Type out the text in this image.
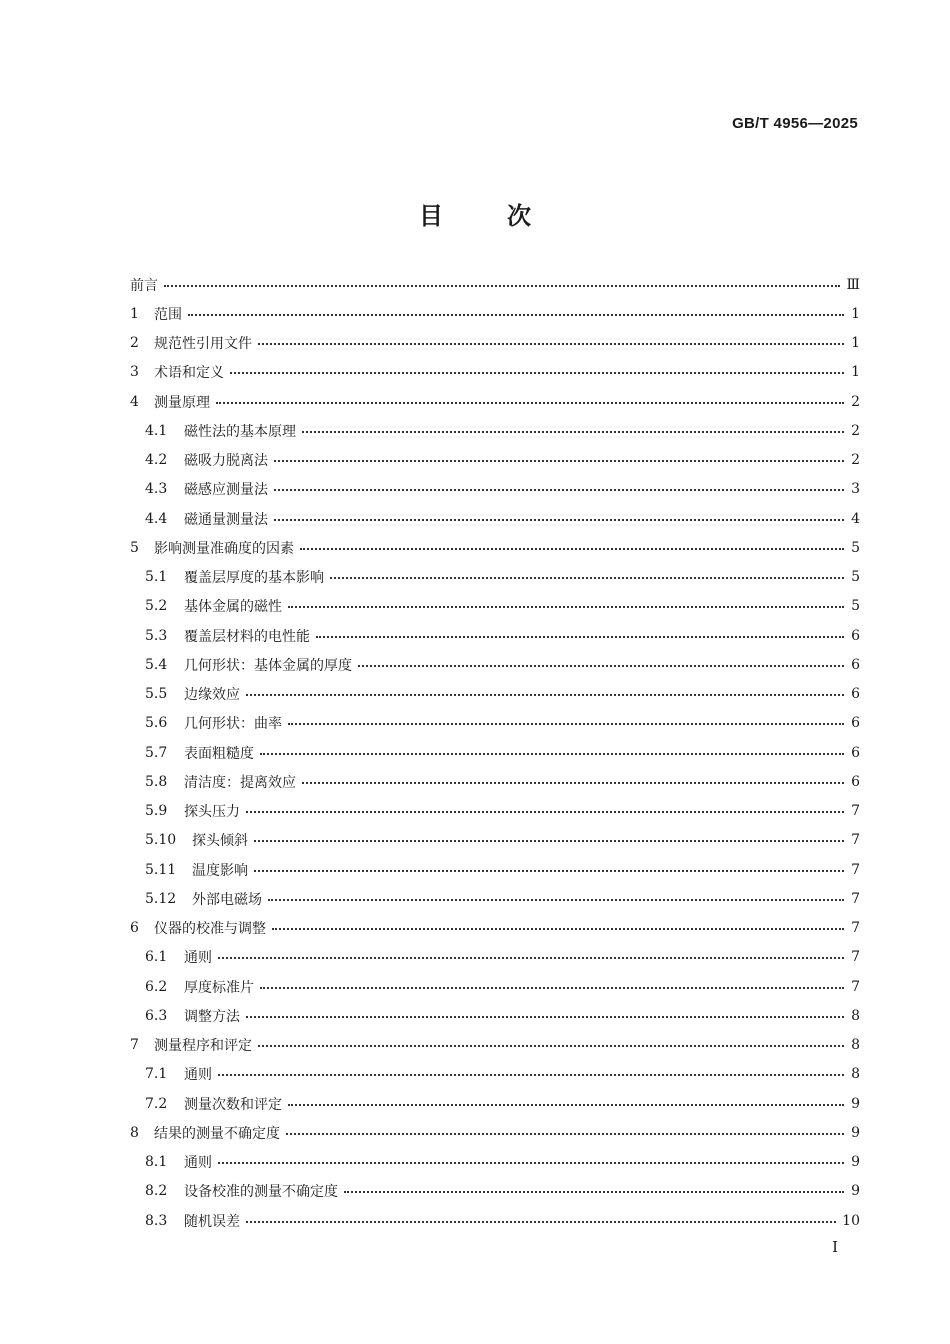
GB/T 4956—2025
目	次
前言	Ⅲ
1	范围	1
2	规范性引用文件	1
3	术语和定义	1
4	测量原理	2
4.1	磁性法的基本原理	2
4.2	磁吸力脱离法	2
4.3	磁感应测量法	3
4.4	磁通量测量法	4
5	影响测量准确度的因素	5
5.1	覆盖层厚度的基本影响	5
5.2	基体金属的磁性	5
5.3	覆盖层材料的电性能	6
5.4	几何形状：基体金属的厚度	6
5.5	边缘效应	6
5.6	几何形状：曲率	6
5.7	表面粗糙度	6
5.8	清洁度：提离效应	6
5.9	探头压力	7
5.10	探头倾斜	7
5.11	温度影响	7
5.12	外部电磁场	7
6	仪器的校准与调整	7
6.1	通则	7
6.2	厚度标准片	7
6.3	调整方法	8
7	测量程序和评定	8
7.1	通则	8
7.2	测量次数和评定	9
8	结果的测量不确定度	9
8.1	通则	9
8.2	设备校准的测量不确定度	9
8.3	随机误差	10
I
